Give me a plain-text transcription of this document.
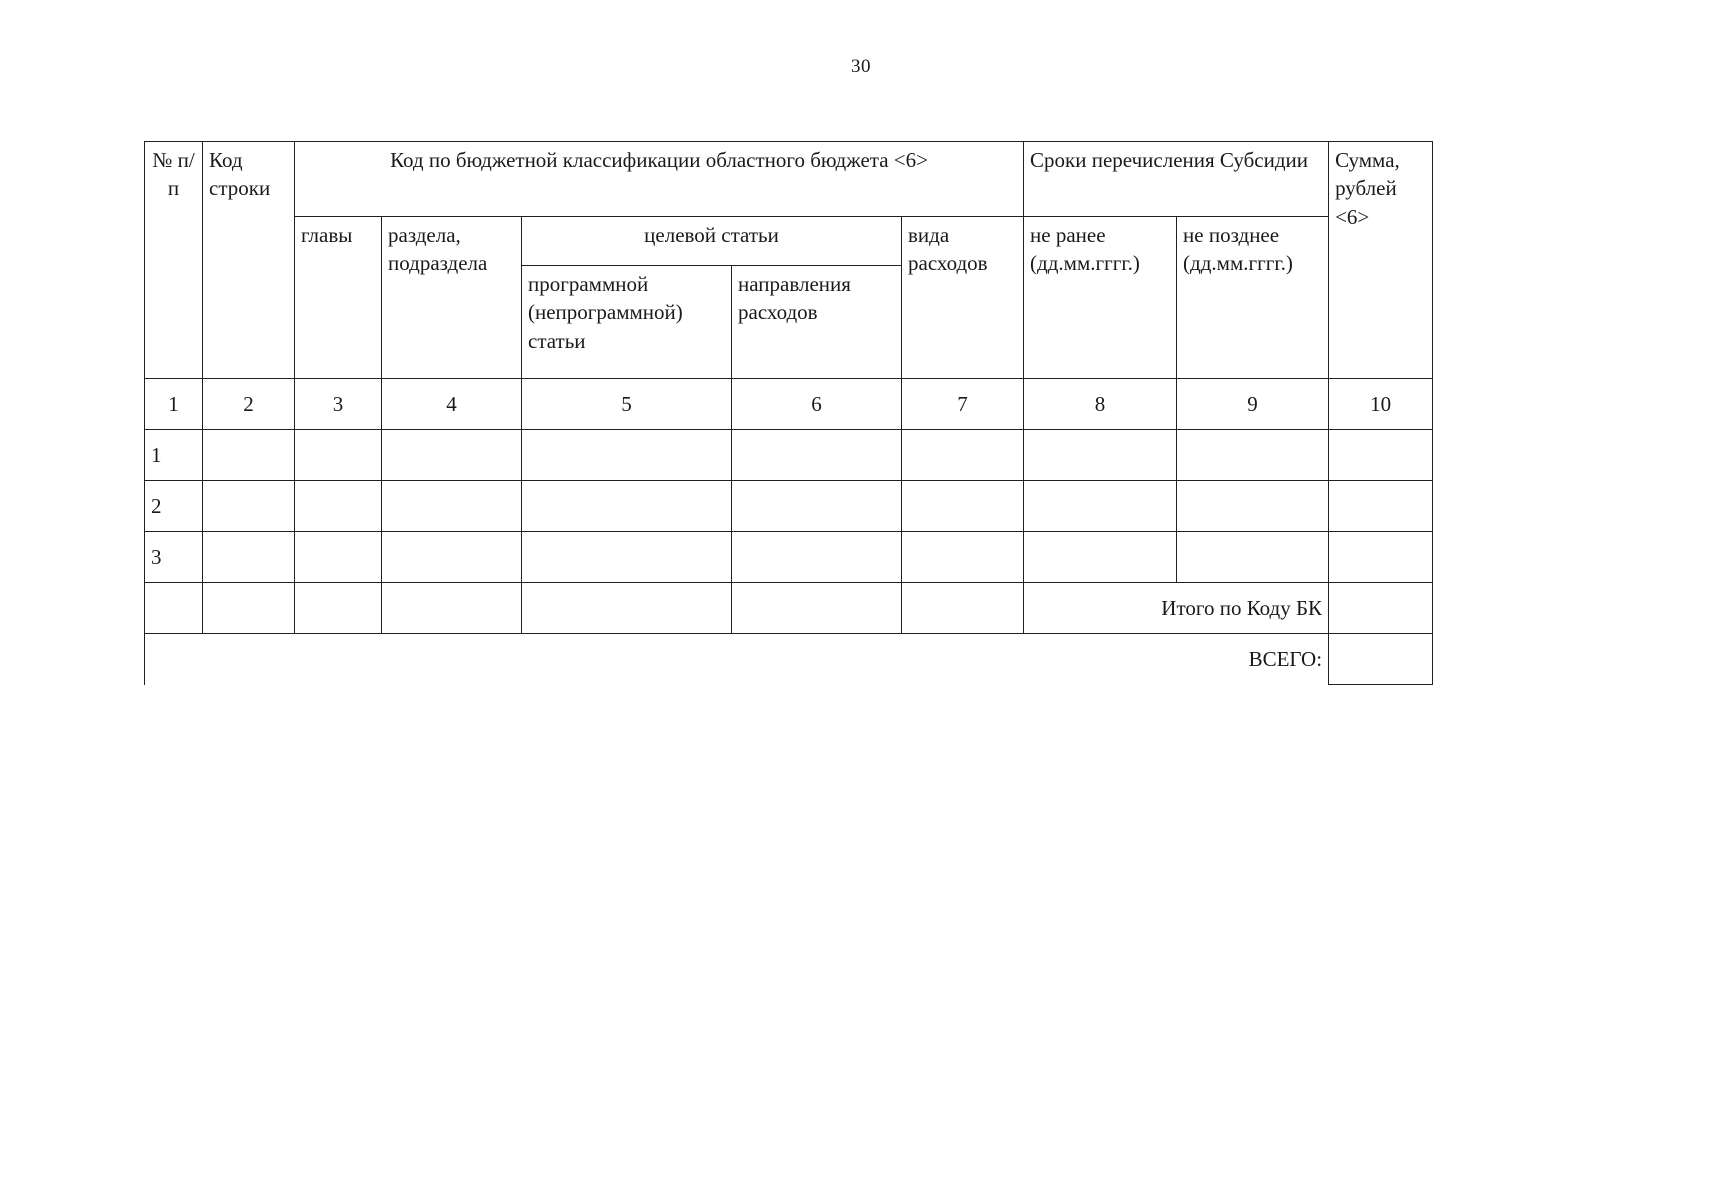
30
№ п/п	Код строки	Код по бюджетной классификации областного бюджета <6>					Сроки перечисления Субсидии		Сумма, рублей <6>
		главы	раздела, подраздела	целевой статьи		вида расходов	не ранее (дд.мм.гггг.)	не позднее (дд.мм.гггг.)	
				программной (непрограммной) статьи	направления расходов				
1	2	3	4	5	6	7	8	9	10
1									
2									
3									
							Итого по Коду БК		
ВСЕГО:									
